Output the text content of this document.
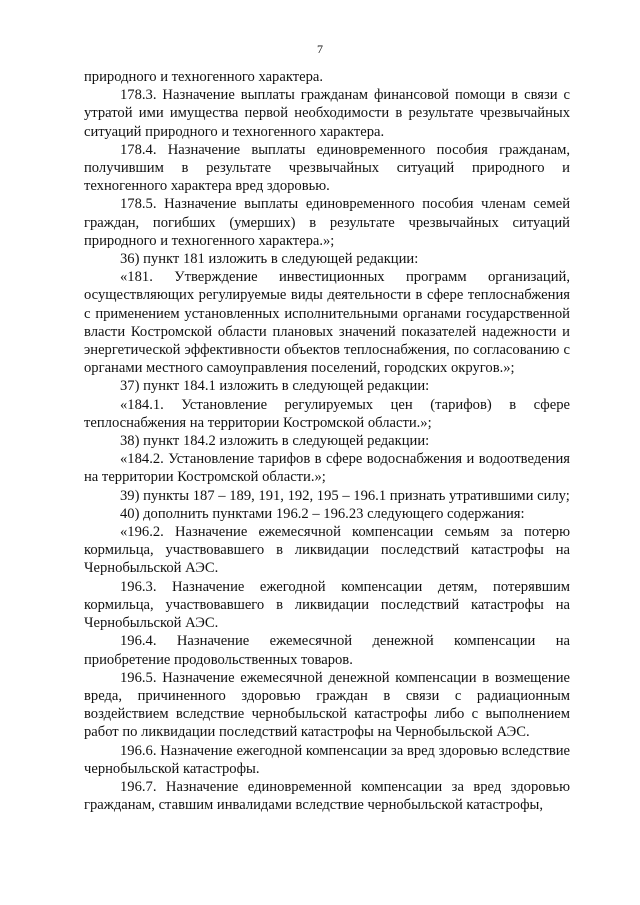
7

природного и техногенного характера.

178.3. Назначение выплаты гражданам финансовой помощи в связи с утратой ими имущества первой необходимости в результате чрезвычайных ситуаций природного и техногенного характера.

178.4. Назначение выплаты единовременного пособия гражданам, получившим в результате чрезвычайных ситуаций природного и техногенного характера вред здоровью.

178.5. Назначение выплаты единовременного пособия членам семей граждан, погибших (умерших) в результате чрезвычайных ситуаций природного и техногенного характера.»;

36) пункт 181 изложить в следующей редакции:

«181. Утверждение инвестиционных программ организаций, осуществляющих регулируемые виды деятельности в сфере теплоснабжения с применением установленных исполнительными органами государственной власти Костромской области плановых значений показателей надежности и энергетической эффективности объектов теплоснабжения, по согласованию с органами местного самоуправления поселений, городских округов.»;

37) пункт 184.1 изложить в следующей редакции:

«184.1. Установление регулируемых цен (тарифов) в сфере теплоснабжения на территории Костромской области.»;

38) пункт 184.2 изложить в следующей редакции:

«184.2. Установление тарифов в сфере водоснабжения и водоотведения на территории Костромской области.»;

39) пункты 187 – 189, 191, 192, 195 – 196.1 признать утратившими силу;

40) дополнить пунктами 196.2 – 196.23 следующего содержания:

«196.2. Назначение ежемесячной компенсации семьям за потерю кормильца, участвовавшего в ликвидации последствий катастрофы на Чернобыльской АЭС.

196.3. Назначение ежегодной компенсации детям, потерявшим кормильца, участвовавшего в ликвидации последствий катастрофы на Чернобыльской АЭС.

196.4. Назначение ежемесячной денежной компенсации на приобретение продовольственных товаров.

196.5. Назначение ежемесячной денежной компенсации в возмещение вреда, причиненного здоровью граждан в связи с радиационным воздействием вследствие чернобыльской катастрофы либо с выполнением работ по ликвидации последствий катастрофы на Чернобыльской АЭС.

196.6. Назначение ежегодной компенсации за вред здоровью вследствие чернобыльской катастрофы.

196.7. Назначение единовременной компенсации за вред здоровью гражданам, ставшим инвалидами вследствие чернобыльской катастрофы,
